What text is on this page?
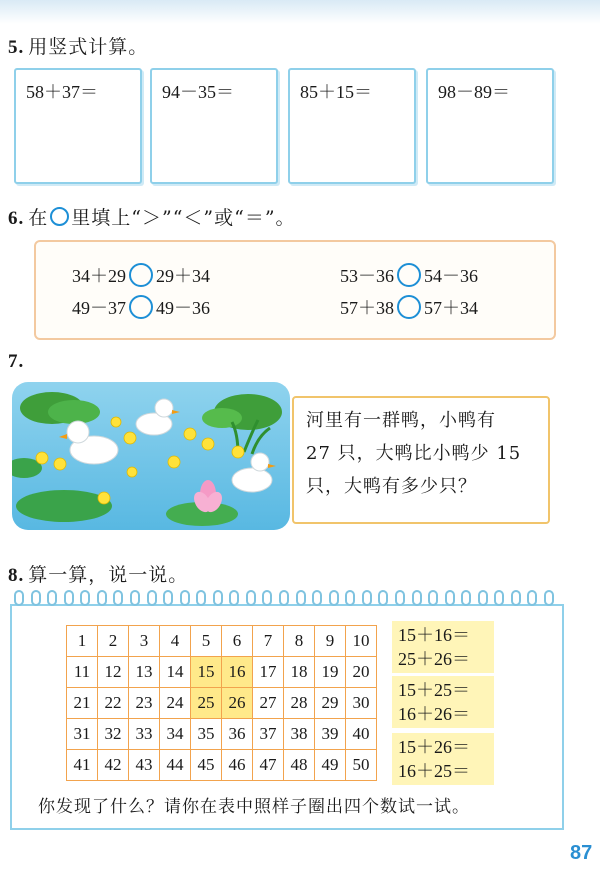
5. 用竖式计算。
58＋37＝	94－35＝	85＋15＝	98－89＝
6. 在 里填上“＞”“＜”或“＝”。
34＋29 29＋34	53－36 54－36
49－37 49－36	57＋38 57＋34
7.
河里有一群鸭，小鸭有
27 只，大鸭比小鸭少 15
只，大鸭有多少只？
8. 算一算，说一说。
1	2	3	4	5	6	7	8	9	10
11	12	13	14	15	16	17	18	19	20
21	22	23	24	25	26	27	28	29	30
31	32	33	34	35	36	37	38	39	40
41	42	43	44	45	46	47	48	49	50
15＋16＝
25＋26＝
15＋25＝
16＋26＝
15＋26＝
16＋25＝
你发现了什么？请你在表中照样子圈出四个数试一试。
87
